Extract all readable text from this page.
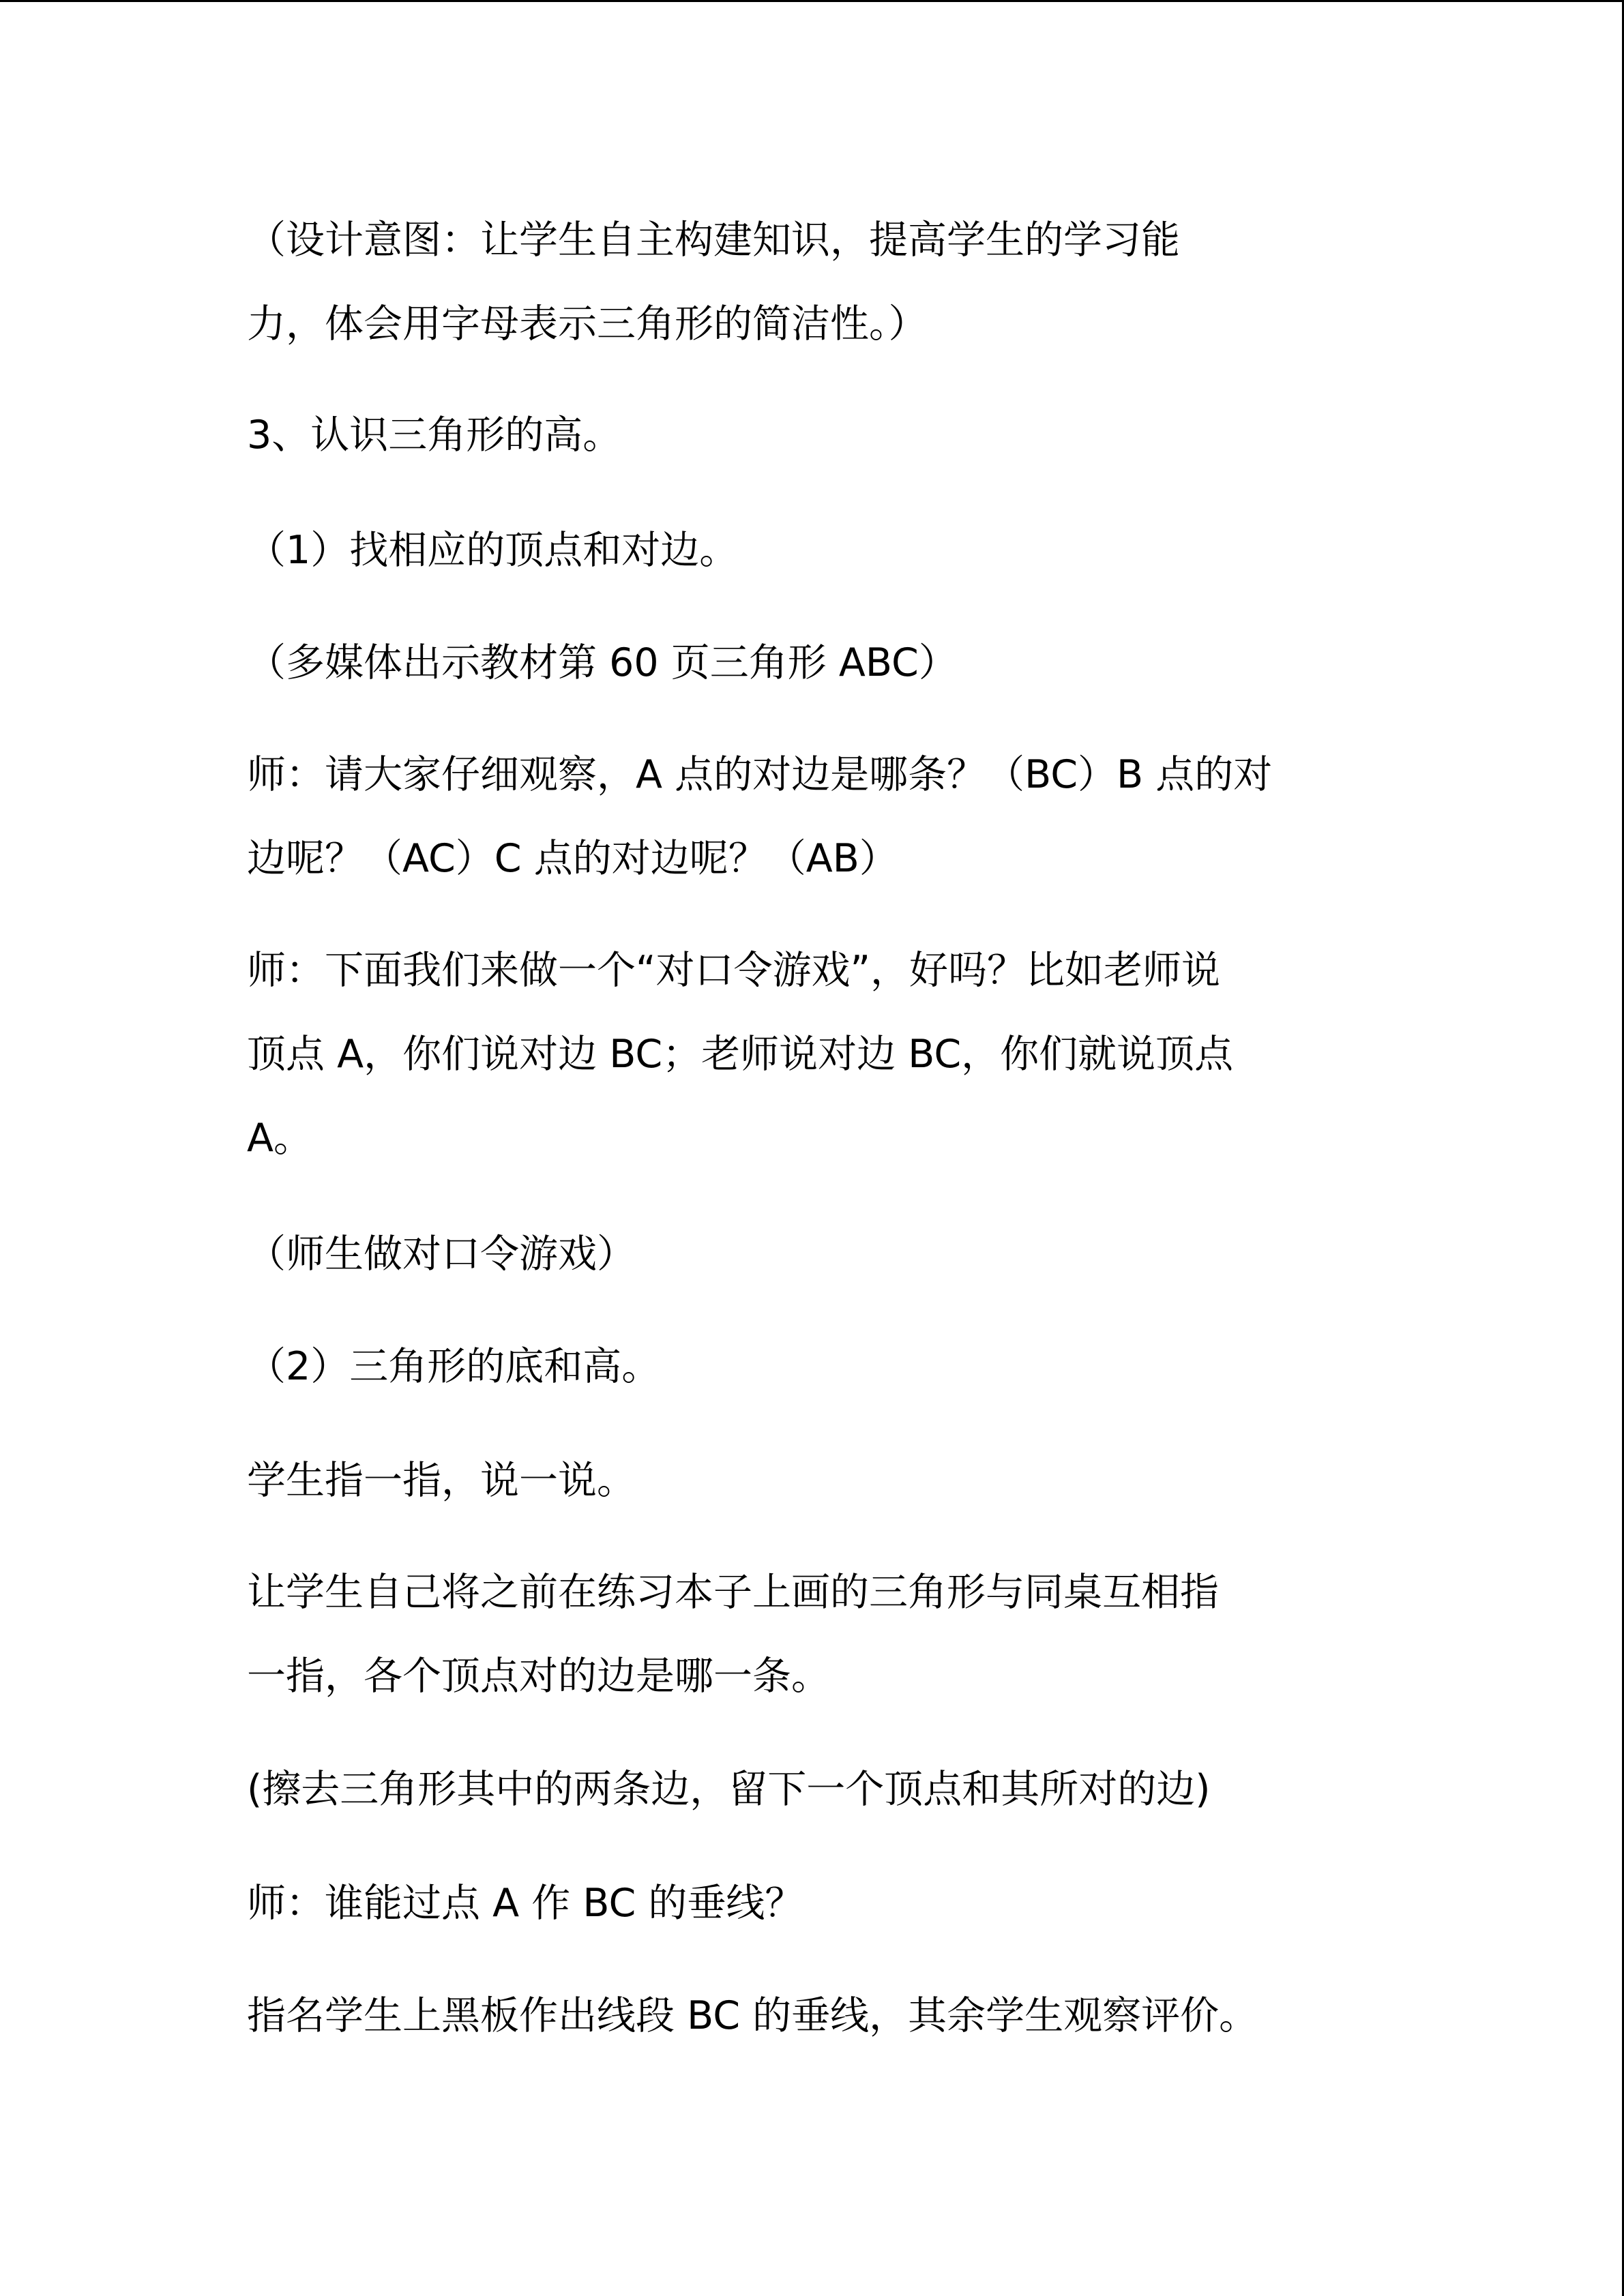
（设计意图：让学生自主构建知识，提高学生的学习能

力，体会用字母表示三角形的简洁性。）

3、认识三角形的高。

（1）找相应的顶点和对边。

（多媒体出示教材第 60 页三角形 ABC）

师：请大家仔细观察，A 点的对边是哪条？（BC）B 点的对

边呢？（AC）C 点的对边呢？（AB）

师：下面我们来做一个“对口令游戏”，好吗？比如老师说

顶点 A，你们说对边 BC；老师说对边 BC，你们就说顶点

A。

（师生做对口令游戏）

（2）三角形的底和高。

学生指一指，说一说。

让学生自己将之前在练习本子上画的三角形与同桌互相指

一指，各个顶点对的边是哪一条。

(擦去三角形其中的两条边，留下一个顶点和其所对的边)

师：谁能过点 A 作 BC 的垂线？

指名学生上黑板作出线段 BC 的垂线，其余学生观察评价。
